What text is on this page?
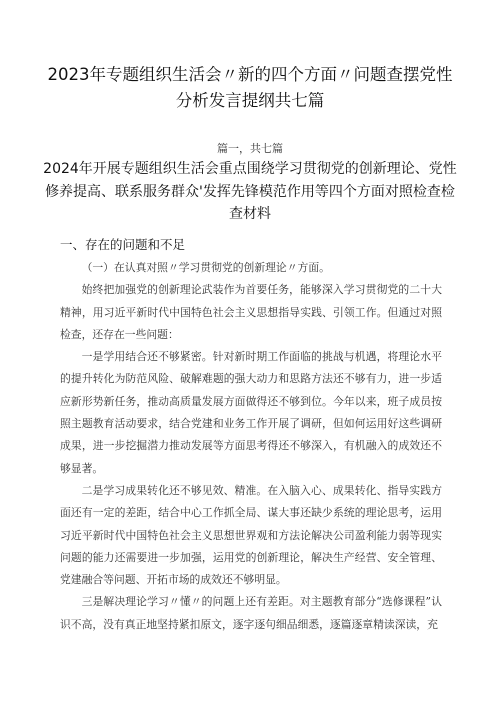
2023年专题组织生活会〃新的四个方面〃问题查摆党性分析发言提纲共七篇
篇一，共七篇
2024年开展专题组织生活会重点围绕学习贯彻党的创新理论、党性修养提高、联系服务群众'发挥先锋模范作用等四个方面对照检查检查材料
一、存在的问题和不足

（一）在认真对照〃学习贯彻党的创新理论〃方面。

始终把加强党的创新理论武装作为首要任务，能够深入学习贯彻党的二十大精神，用习近平新时代中国特色社会主义思想指导实践、引领工作。但通过对照检查，还存在一些问题：

一是学用结合还不够紧密。针对新时期工作面临的挑战与机遇，将理论水平的提升转化为防范风险、破解难题的强大动力和思路方法还不够有力，进一步适应新形势新任务，推动高质量发展方面做得还不够到位。今年以来，班子成员按照主题教育活动要求，结合党建和业务工作开展了调研，但如何运用好这些调研成果，进一步挖掘潜力推动发展等方面思考得还不够深入，有机融入的成效还不够显著。

二是学习成果转化还不够见效、精准。在入脑入心、成果转化、指导实践方面还有一定的差距，结合中心工作抓全局、谋大事还缺少系统的理论思考，运用习近平新时代中国特色社会主义思想世界观和方法论解决公司盈利能力弱等现实问题的能力还需要进一步加强，运用党的创新理论，解决生产经营、安全管理、党建融合等问题、开拓市场的成效还不够明显。

三是解决理论学习〃懂〃的问题上还有差距。对主题教育部分“选修课程”认识不高，没有真正地坚持紧扣原文，逐字逐句细品细悉，逐篇逐章精读深读，充
